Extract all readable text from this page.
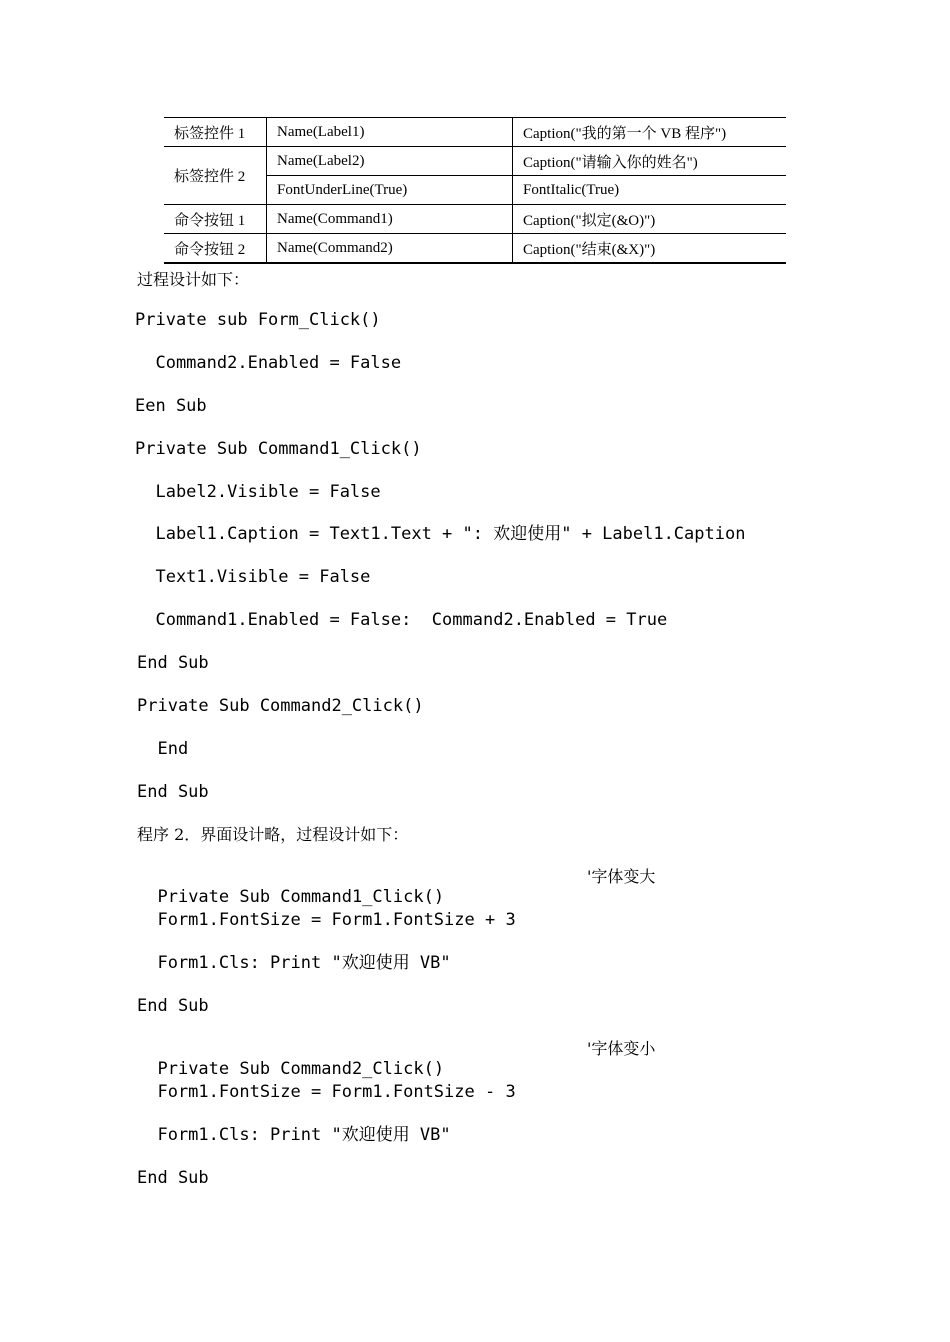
标签控件 1	Name(Label1)	Caption("我的第一个 VB 程序")
标签控件 2	Name(Label2)	Caption("请输入你的姓名")
	FontUnderLine(True)	FontItalic(True)
命令按钮 1	Name(Command1)	Caption("拟定(&O)")
命令按钮 2	Name(Command2)	Caption("结束(&X)")
过程设计如下：
Private sub Form_Click()
Command2.Enabled = False
Een Sub
Private Sub Command1_Click()
Label2.Visible = False
Label1.Caption = Text1.Text + ": 欢迎使用" + Label1.Caption
Text1.Visible = False
Command1.Enabled = False:  Command2.Enabled = True
End Sub
Private Sub Command2_Click()
End
End Sub
程序 2．界面设计略，过程设计如下：

Private Sub Command1_Click()

'字体变大

Form1.FontSize = Form1.FontSize + 3
Form1.Cls: Print "欢迎使用 VB"
End Sub

Private Sub Command2_Click()

'字体变小

Form1.FontSize = Form1.FontSize - 3
Form1.Cls: Print "欢迎使用 VB"
End Sub
